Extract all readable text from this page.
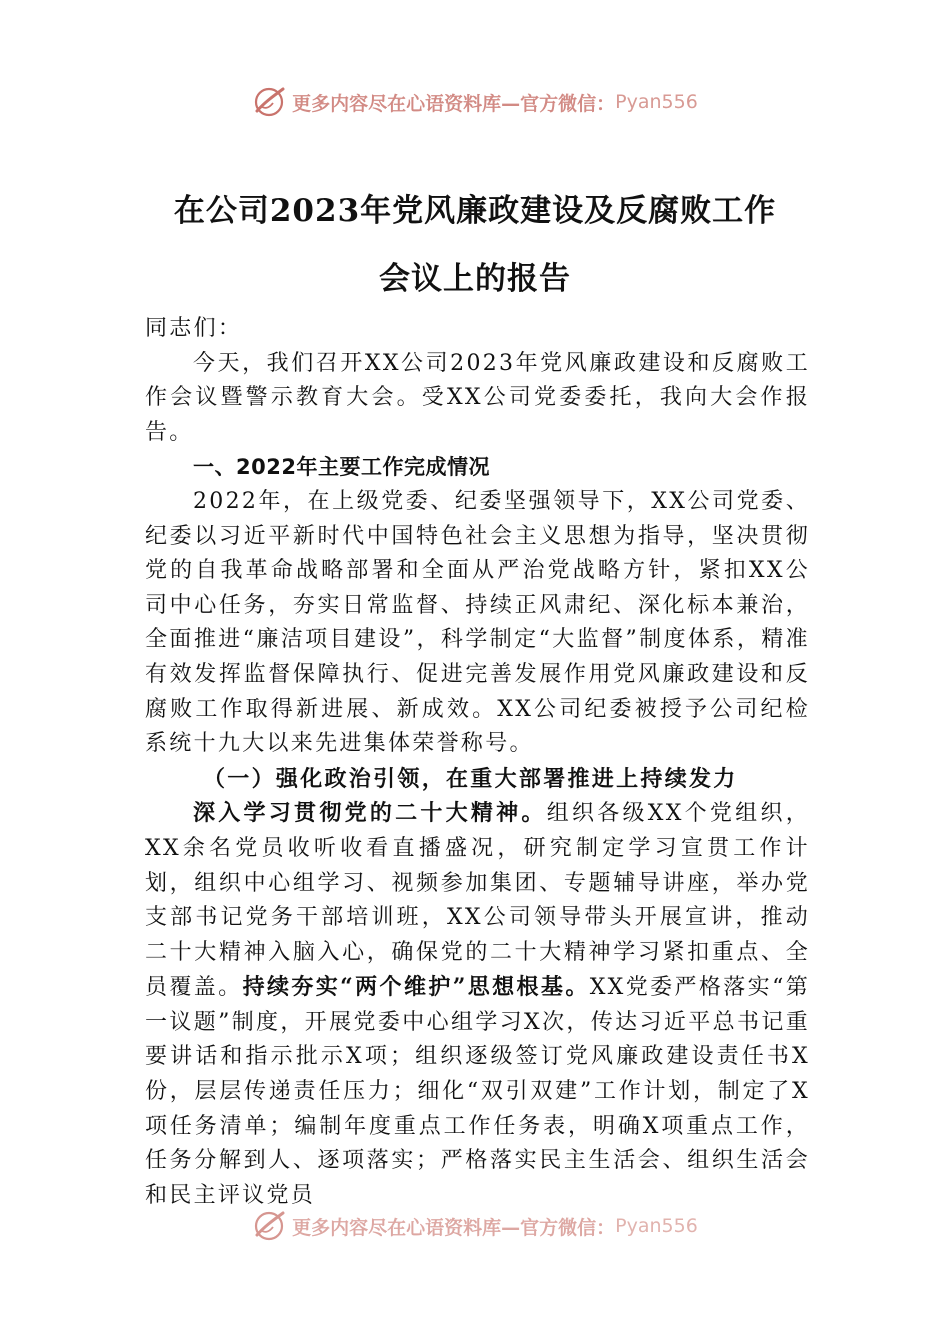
更多内容尽在心语资料库—官方微信： Pyan556
在公司2023年党风廉政建设及反腐败工作
会议上的报告

同志们：

今天，我们召开XX公司2023年党风廉政建设和反腐败工作会议暨警示教育大会。受XX公司党委委托，我向大会作报告。

一、2022年主要工作完成情况

2022年，在上级党委、纪委坚强领导下，XX公司党委、纪委以习近平新时代中国特色社会主义思想为指导，坚决贯彻党的自我革命战略部署和全面从严治党战略方针，紧扣XX公司中心任务，夯实日常监督、持续正风肃纪、深化标本兼治，全面推进“廉洁项目建设”，科学制定“大监督”制度体系，精准有效发挥监督保障执行、促进完善发展作用党风廉政建设和反腐败工作取得新进展、新成效。XX公司纪委被授予公司纪检系统十九大以来先进集体荣誉称号。

（一）强化政治引领，在重大部署推进上持续发力

深入学习贯彻党的二十大精神。组织各级XX个党组织，XX余名党员收听收看直播盛况，研究制定学习宣贯工作计划，组织中心组学习、视频参加集团、专题辅导讲座，举办党支部书记党务干部培训班，XX公司领导带头开展宣讲，推动二十大精神入脑入心，确保党的二十大精神学习紧扣重点、全员覆盖。持续夯实“两个维护”思想根基。XX党委严格落实“第一议题”制度，开展党委中心组学习X次，传达习近平总书记重要讲话和指示批示X项；组织逐级签订党风廉政建设责任书X份，层层传递责任压力；细化“双引双建”工作计划，制定了X项任务清单；编制年度重点工作任务表，明确X项重点工作，任务分解到人、逐项落实；严格落实民主生活会、组织生活会和民主评议党员

更多内容尽在心语资料库—官方微信： Pyan556
